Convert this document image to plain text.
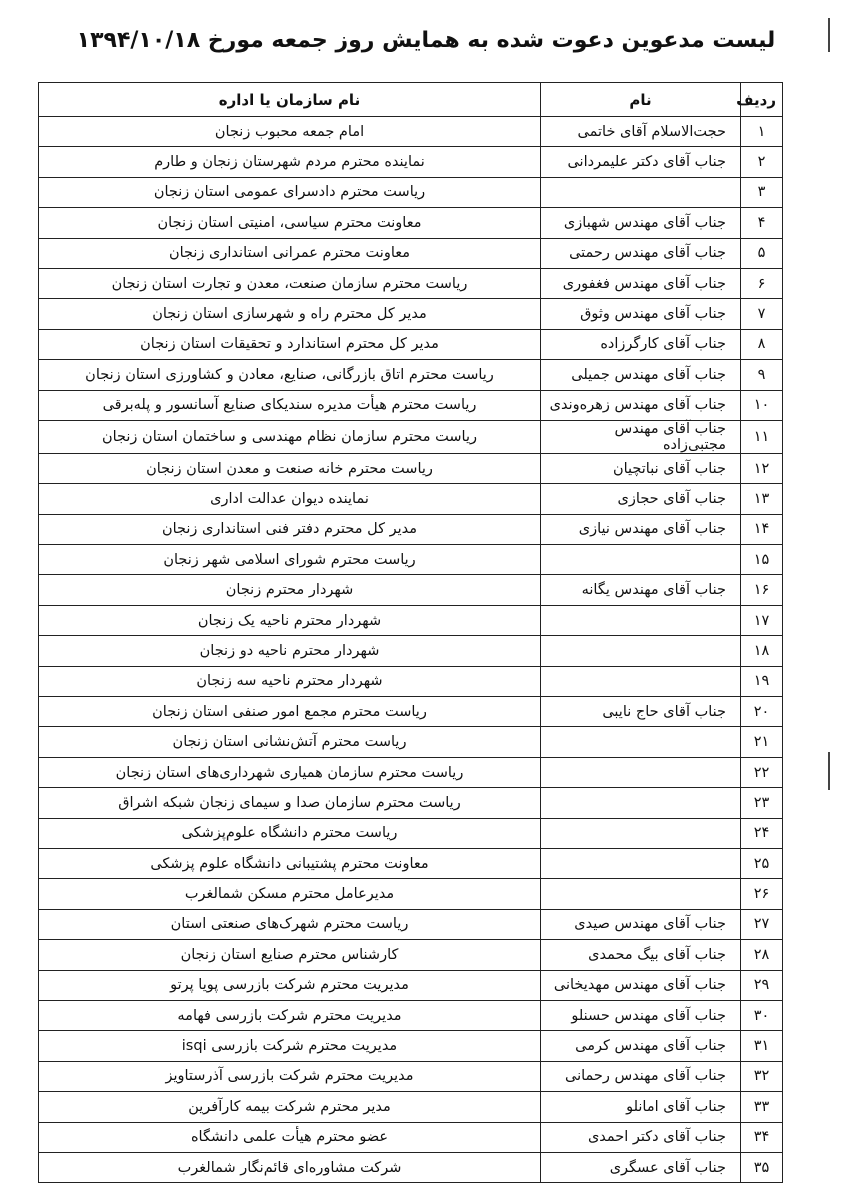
لیست مدعوین دعوت شده به همایش روز جمعه مورخ ۱۳۹۴/۱۰/۱۸
ردیف	نام	نام سازمان یا اداره
۱	حجت‌الاسلام آقای خاتمی	امام جمعه محبوب زنجان
۲	جناب آقای دکتر علیمردانی	نماینده محترم مردم شهرستان زنجان و طارم
۳		ریاست محترم دادسرای عمومی استان زنجان
۴	جناب آقای مهندس شهبازی	معاونت محترم سیاسی، امنیتی استان زنجان
۵	جناب آقای مهندس رحمتی	معاونت محترم عمرانی استانداری زنجان
۶	جناب آقای مهندس فغفوری	ریاست محترم سازمان صنعت، معدن و تجارت استان زنجان
۷	جناب آقای مهندس وثوق	مدیر کل محترم راه و شهرسازی استان زنجان
۸	جناب آقای کارگرزاده	مدیر کل محترم استاندارد و تحقیقات استان زنجان
۹	جناب آقای مهندس جمیلی	ریاست محترم اتاق بازرگانی، صنایع، معادن و کشاورزی استان زنجان
۱۰	جناب آقای مهندس زهره‌وندی	ریاست محترم هیأت مدیره سندیکای صنایع آسانسور و پله‌برقی
۱۱	جناب آقای مهندس مجتبی‌زاده	ریاست محترم سازمان نظام مهندسی و ساختمان استان زنجان
۱۲	جناب آقای نباتچیان	ریاست محترم خانه صنعت و معدن استان زنجان
۱۳	جناب آقای حجازی	نماینده دیوان عدالت اداری
۱۴	جناب آقای مهندس نیازی	مدیر کل محترم دفتر فنی استانداری زنجان
۱۵		ریاست محترم شورای اسلامی شهر زنجان
۱۶	جناب آقای مهندس یگانه	شهردار محترم زنجان
۱۷		شهردار محترم ناحیه یک زنجان
۱۸		شهردار محترم ناحیه دو زنجان
۱۹		شهردار محترم ناحیه سه زنجان
۲۰	جناب آقای حاج نایبی	ریاست محترم مجمع امور صنفی استان زنجان
۲۱		ریاست محترم آتش‌نشانی استان زنجان
۲۲		ریاست محترم سازمان همیاری شهرداری‌های استان زنجان
۲۳		ریاست محترم سازمان صدا و سیمای زنجان شبکه اشراق
۲۴		ریاست محترم دانشگاه علوم‌پزشکی
۲۵		معاونت محترم پشتیبانی دانشگاه علوم پزشکی
۲۶		مدیرعامل محترم مسکن شمالغرب
۲۷	جناب آقای مهندس صیدی	ریاست محترم شهرک‌های صنعتی استان
۲۸	جناب آقای بیگ محمدی	کارشناس محترم صنایع استان زنجان
۲۹	جناب آقای مهندس مهدیخانی	مدیریت محترم شرکت بازرسی پویا پرتو
۳۰	جناب آقای مهندس حسنلو	مدیریت محترم شرکت بازرسی فهامه
۳۱	جناب آقای مهندس کرمی	مدیریت محترم شرکت بازرسی isqi
۳۲	جناب آقای مهندس رحمانی	مدیریت محترم شرکت بازرسی آذرستاویز
۳۳	جناب آقای امانلو	مدیر محترم شرکت بیمه کارآفرین
۳۴	جناب آقای دکتر احمدی	عضو محترم هیأت علمی دانشگاه
۳۵	جناب آقای عسگری	شرکت مشاوره‌ای قائم‌نگار شمالغرب
